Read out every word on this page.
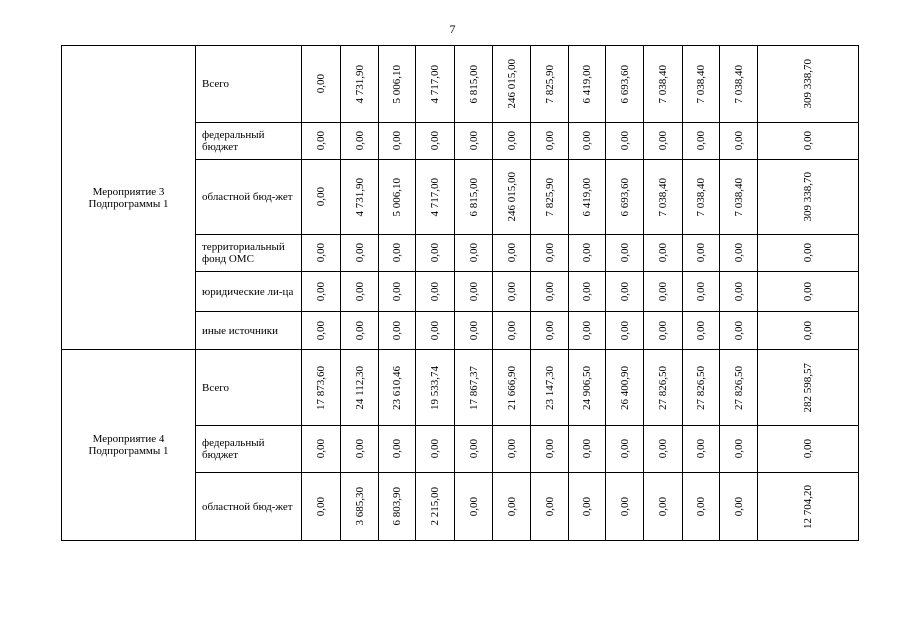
7
Мероприятие 3 Подпрограммы 1	Всего	0,00	4 731,90	5 006,10	4 717,00	6 815,00	246 015,00	7 825,90	6 419,00	6 693,60	7 038,40	7 038,40	7 038,40	309 338,70

	федеральный бюджет	0,00	0,00	0,00	0,00	0,00	0,00	0,00	0,00	0,00	0,00	0,00	0,00	0,00

	областной бюд-жет	0,00	4 731,90	5 006,10	4 717,00	6 815,00	246 015,00	7 825,90	6 419,00	6 693,60	7 038,40	7 038,40	7 038,40	309 338,70

	территориальный фонд ОМС	0,00	0,00	0,00	0,00	0,00	0,00	0,00	0,00	0,00	0,00	0,00	0,00	0,00

	юридические ли-ца	0,00	0,00	0,00	0,00	0,00	0,00	0,00	0,00	0,00	0,00	0,00	0,00	0,00

	иные источники	0,00	0,00	0,00	0,00	0,00	0,00	0,00	0,00	0,00	0,00	0,00	0,00	0,00

Мероприятие 4 Подпрограммы 1	Всего	17 873,60	24 112,30	23 610,46	19 533,74	17 867,37	21 666,90	23 147,30	24 906,50	26 400,90	27 826,50	27 826,50	27 826,50	282 598,57

	федеральный бюджет	0,00	0,00	0,00	0,00	0,00	0,00	0,00	0,00	0,00	0,00	0,00	0,00	0,00

	областной бюд-жет	0,00	3 685,30	6 803,90	2 215,00	0,00	0,00	0,00	0,00	0,00	0,00	0,00	0,00	12 704,20
